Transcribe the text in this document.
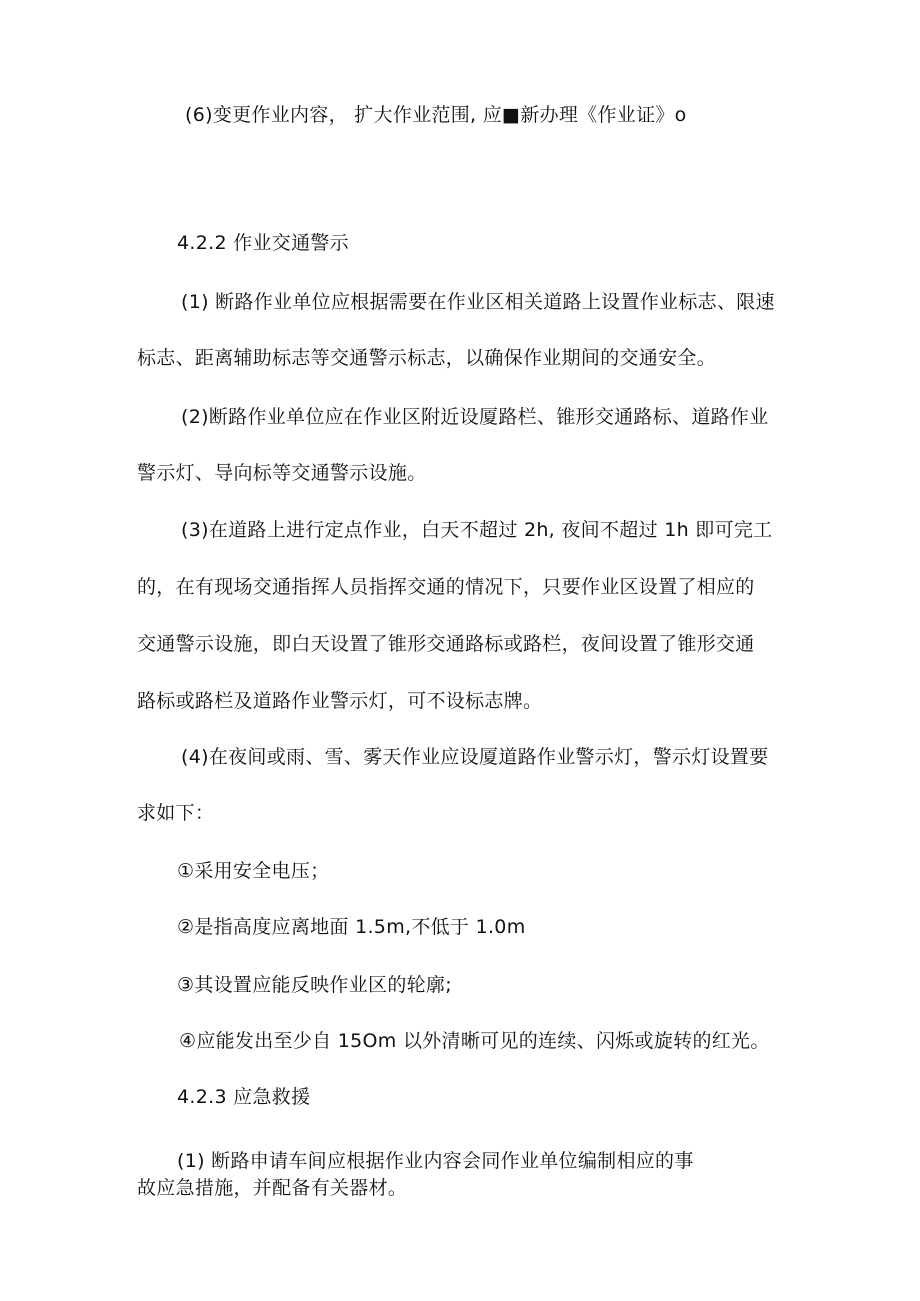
(6)变更作业内容， 扩大作业范围, 应■新办理《作业证》o
4.2.2 作业交通警示
(1) 断路作业单位应根据需要在作业区相关道路上设置作业标志、限速
标志、距离辅助标志等交通警示标志，以确保作业期间的交通安全。
(2)断路作业单位应在作业区附近设厦路栏、锥形交通路标、道路作业
警示灯、导向标等交通警示设施。
(3)在道路上进行定点作业，白天不超过 2h, 夜间不超过 1h 即可完工
的，在有现场交通指挥人员指挥交通的情况下，只要作业区设置了相应的
交通警示设施，即白天设置了锥形交通路标或路栏，夜间设置了锥形交通
路标或路栏及道路作业警示灯，可不设标志牌。
(4)在夜间或雨、雪、雾天作业应设厦道路作业警示灯，警示灯设置要
求如下：
①采用安全电压；
②是指高度应离地面 1.5m,不低于 1.0m
③其设置应能反映作业区的轮廓;
④应能发出至少自 15Om 以外清晰可见的连续、闪烁或旋转的红光。
4.2.3 应急救援
(1) 断路申请车间应根据作业内容会同作业单位编制相应的事
故应急措施，并配备有关器材。
